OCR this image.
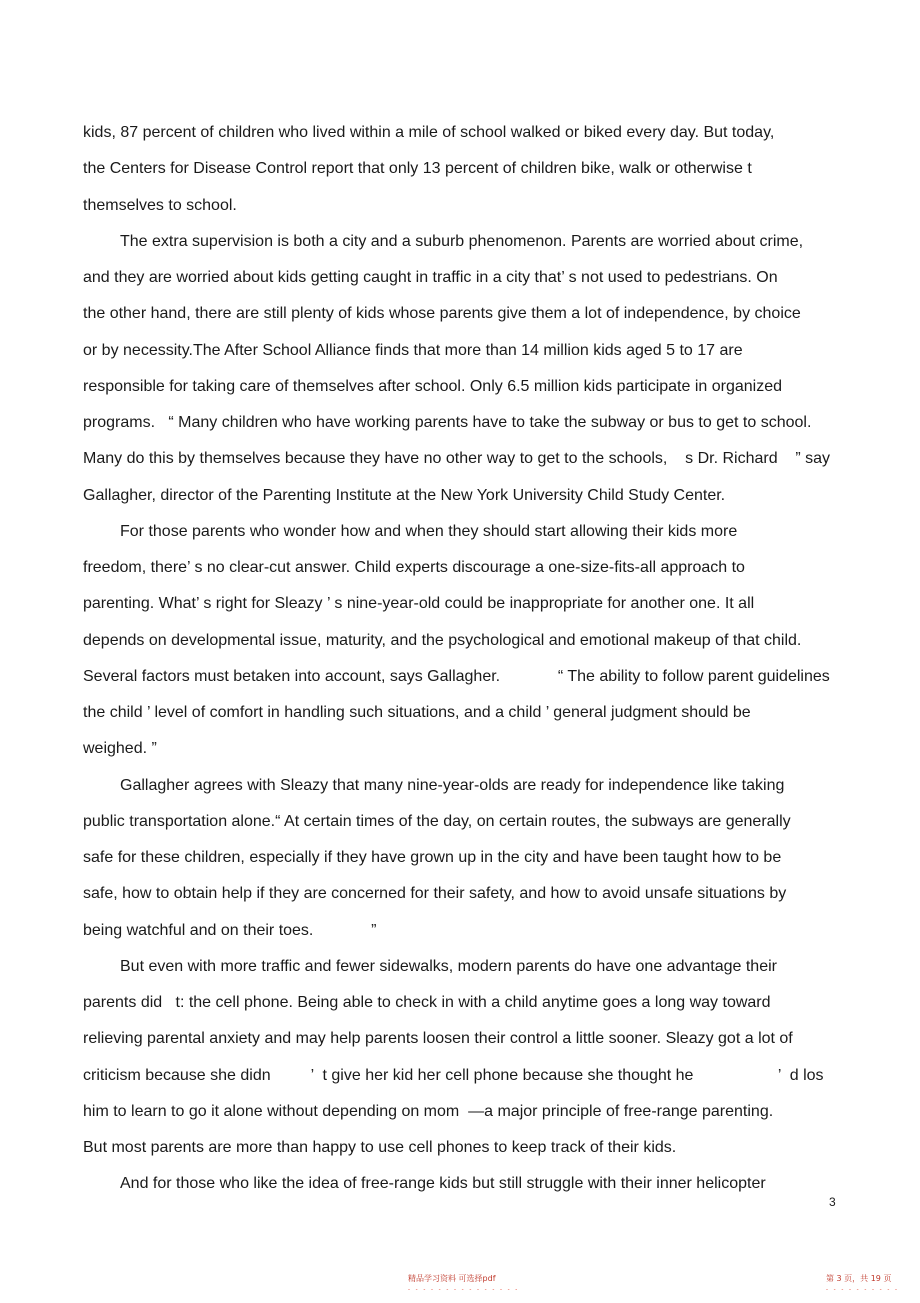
kids, 87 percent of children who lived within a mile of school walked or biked every day. But today,
the Centers for Disease Control report that only 13 percent of children bike, walk or otherwise t
themselves to school.
The extra supervision is both a city and a suburb phenomenon. Parents are worried about crime,
and they are worried about kids getting caught in traffic in a city that’ s not used to pedestrians. On
the other hand, there are still plenty of kids whose parents give them a lot of independence, by choice
or by necessity.The After School Alliance finds that more than 14 million kids aged 5 to 17 are
responsible for taking care of themselves after school. Only 6.5 million kids participate in organized
programs.   “ Many children who have working parents have to take the subway or bus to get to school.
Many do this by themselves because they have no other way to get to the schools,    s Dr. Richard    ” say
Gallagher, director of the Parenting Institute at the New York University Child Study Center.
For those parents who wonder how and when they should start allowing their kids more
freedom, there’ s no clear-cut answer. Child experts discourage a one-size-fits-all approach to
parenting. What’ s right for Sleazy ’ s nine-year-old could be inappropriate for another one. It all
depends on developmental issue, maturity, and the psychological and emotional makeup of that child.
Several factors must betaken into account, says Gallagher.             “ The ability to follow parent guidelines
the child ’ level of comfort in handling such situations, and a child ’ general judgment should be
weighed. ”
Gallagher agrees with Sleazy that many nine-year-olds are ready for independence like taking
public transportation alone.“ At certain times of the day, on certain routes, the subways are generally
safe for these children, especially if they have grown up in the city and have been taught how to be
safe, how to obtain help if they are concerned for their safety, and how to avoid unsafe situations by
being watchful and on their toes.             ”
But even with more traffic and fewer sidewalks, modern parents do have one advantage their
parents did   t: the cell phone. Being able to check in with a child anytime goes a long way toward
relieving parental anxiety and may help parents loosen their control a little sooner. Sleazy got a lot of
criticism because she didn         ’  t give her kid her cell phone because she thought he                   ’  d los
him to learn to go it alone without depending on mom  —a major principle of free-range parenting.
But most parents are more than happy to use cell phones to keep track of their kids.
And for those who like the idea of free-range kids but still struggle with their inner helicopter
3
精品学习资料 可选择pdf	第 3 页，共 19 页
- - - - - - - - - - - - - - -	- - - - - - - - - -
